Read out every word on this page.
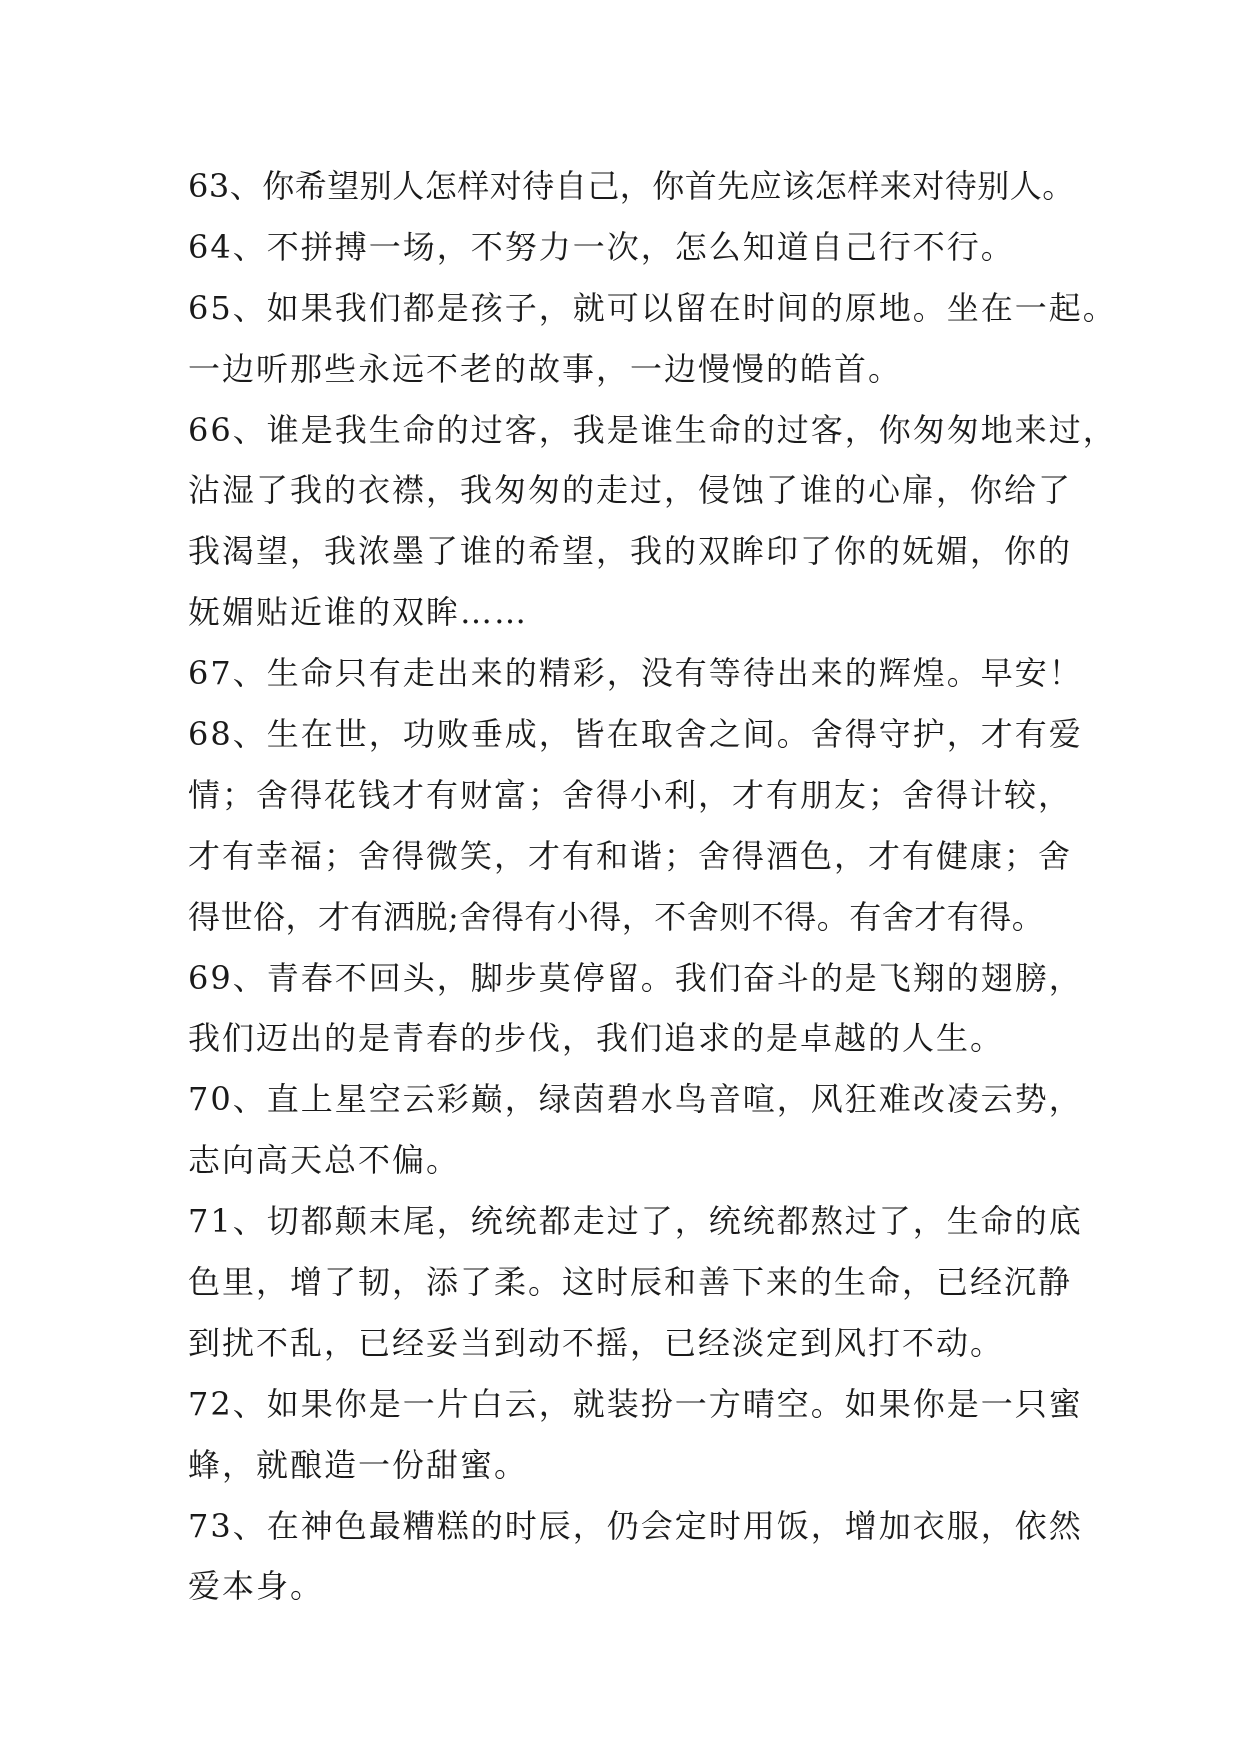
63、你希望别人怎样对待自己，你首先应该怎样来对待别人。
64、不拼搏一场，不努力一次，怎么知道自己行不行。
65、如果我们都是孩子，就可以留在时间的原地。坐在一起。
一边听那些永远不老的故事，一边慢慢的皓首。
66、谁是我生命的过客，我是谁生命的过客，你匆匆地来过，
沾湿了我的衣襟，我匆匆的走过，侵蚀了谁的心扉，你给了
我渴望，我浓墨了谁的希望，我的双眸印了你的妩媚，你的
妩媚贴近谁的双眸……
67、生命只有走出来的精彩，没有等待出来的辉煌。早安！
68、生在世，功败垂成，皆在取舍之间。舍得守护，才有爱
情；舍得花钱才有财富；舍得小利，才有朋友；舍得计较，
才有幸福；舍得微笑，才有和谐；舍得酒色，才有健康；舍
得世俗，才有洒脱;舍得有小得，不舍则不得。有舍才有得。
69、青春不回头，脚步莫停留。我们奋斗的是飞翔的翅膀，
我们迈出的是青春的步伐，我们追求的是卓越的人生。
70、直上星空云彩巅，绿茵碧水鸟音喧，风狂难改凌云势，
志向高天总不偏。
71、切都颠末尾，统统都走过了，统统都熬过了，生命的底
色里，增了韧，添了柔。这时辰和善下来的生命，已经沉静
到扰不乱，已经妥当到动不摇，已经淡定到风打不动。
72、如果你是一片白云，就装扮一方晴空。如果你是一只蜜
蜂，就酿造一份甜蜜。
73、在神色最糟糕的时辰，仍会定时用饭，增加衣服，依然
爱本身。
